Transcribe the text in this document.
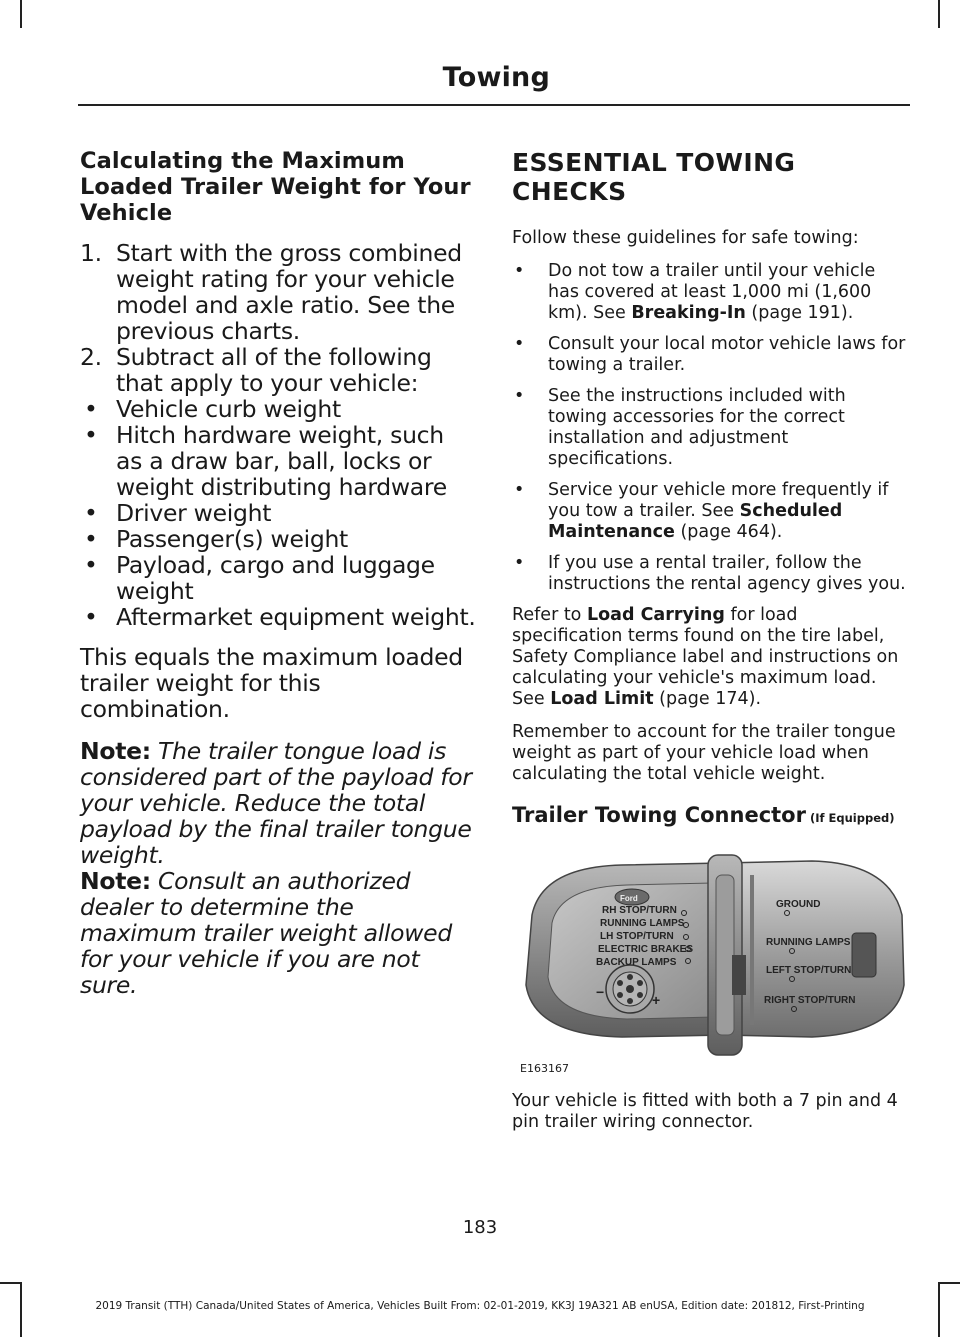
Towing
Calculating the Maximum Loaded Trailer Weight for Your Vehicle
1. Start with the gross combined weight rating for your vehicle model and axle ratio. See the previous charts.
2. Subtract all of the following that apply to your vehicle:
• Vehicle curb weight
• Hitch hardware weight, such as a draw bar, ball, locks or weight distributing hardware
• Driver weight
• Passenger(s) weight
• Payload, cargo and luggage weight
• Aftermarket equipment weight.
This equals the maximum loaded trailer weight for this combination.
Note: The trailer tongue load is considered part of the payload for your vehicle. Reduce the total payload by the final trailer tongue weight.
Note: Consult an authorized dealer to determine the maximum trailer weight allowed for your vehicle if you are not sure.
ESSENTIAL TOWING CHECKS
Follow these guidelines for safe towing:
• Do not tow a trailer until your vehicle has covered at least 1,000 mi (1,600 km). See Breaking-In (page 191).
• Consult your local motor vehicle laws for towing a trailer.
• See the instructions included with towing accessories for the correct installation and adjustment specifications.
• Service your vehicle more frequently if you tow a trailer. See Scheduled Maintenance (page 464).
• If you use a rental trailer, follow the instructions the rental agency gives you.
Refer to Load Carrying for load specification terms found on the tire label, Safety Compliance label and instructions on calculating your vehicle's maximum load. See Load Limit (page 174).
Remember to account for the trailer tongue weight as part of your vehicle load when calculating the total vehicle weight.
Trailer Towing Connector (If Equipped)
RH STOP/TURN
RUNNING LAMPS
LH STOP/TURN
ELECTRIC BRAKES
BACKUP LAMPS
Ford
−	+
GROUND
RUNNING LAMPS
LEFT STOP/TURN
RIGHT STOP/TURN
E163167
Your vehicle is fitted with both a 7 pin and 4 pin trailer wiring connector.
183
2019 Transit (TTH) Canada/United States of America, Vehicles Built From: 02-01-2019, KK3J 19A321 AB enUSA, Edition date: 201812, First-Printing
